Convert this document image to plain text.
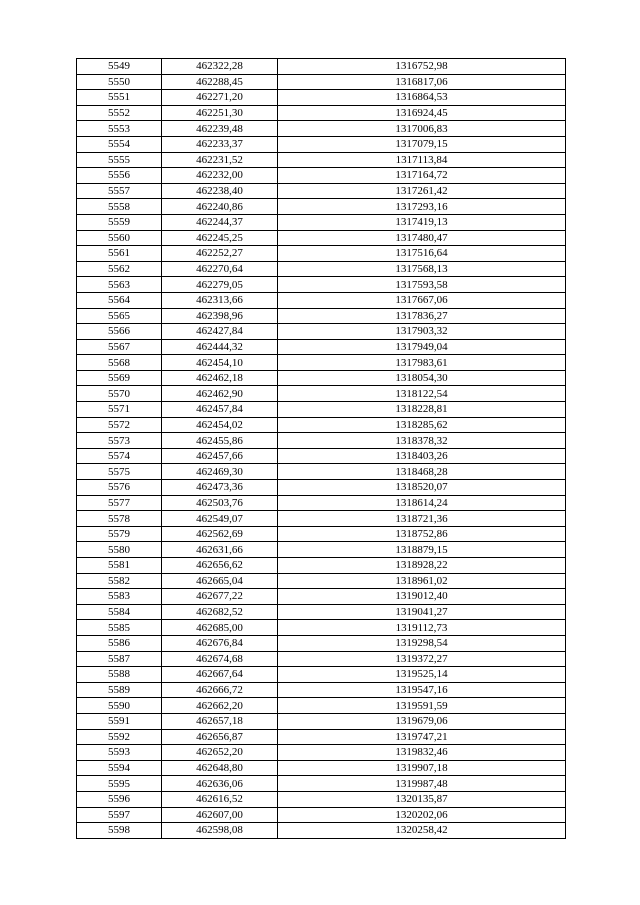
5549	462322,28	1316752,98
5550	462288,45	1316817,06
5551	462271,20	1316864,53
5552	462251,30	1316924,45
5553	462239,48	1317006,83
5554	462233,37	1317079,15
5555	462231,52	1317113,84
5556	462232,00	1317164,72
5557	462238,40	1317261,42
5558	462240,86	1317293,16
5559	462244,37	1317419,13
5560	462245,25	1317480,47
5561	462252,27	1317516,64
5562	462270,64	1317568,13
5563	462279,05	1317593,58
5564	462313,66	1317667,06
5565	462398,96	1317836,27
5566	462427,84	1317903,32
5567	462444,32	1317949,04
5568	462454,10	1317983,61
5569	462462,18	1318054,30
5570	462462,90	1318122,54
5571	462457,84	1318228,81
5572	462454,02	1318285,62
5573	462455,86	1318378,32
5574	462457,66	1318403,26
5575	462469,30	1318468,28
5576	462473,36	1318520,07
5577	462503,76	1318614,24
5578	462549,07	1318721,36
5579	462562,69	1318752,86
5580	462631,66	1318879,15
5581	462656,62	1318928,22
5582	462665,04	1318961,02
5583	462677,22	1319012,40
5584	462682,52	1319041,27
5585	462685,00	1319112,73
5586	462676,84	1319298,54
5587	462674,68	1319372,27
5588	462667,64	1319525,14
5589	462666,72	1319547,16
5590	462662,20	1319591,59
5591	462657,18	1319679,06
5592	462656,87	1319747,21
5593	462652,20	1319832,46
5594	462648,80	1319907,18
5595	462636,06	1319987,48
5596	462616,52	1320135,87
5597	462607,00	1320202,06
5598	462598,08	1320258,42
